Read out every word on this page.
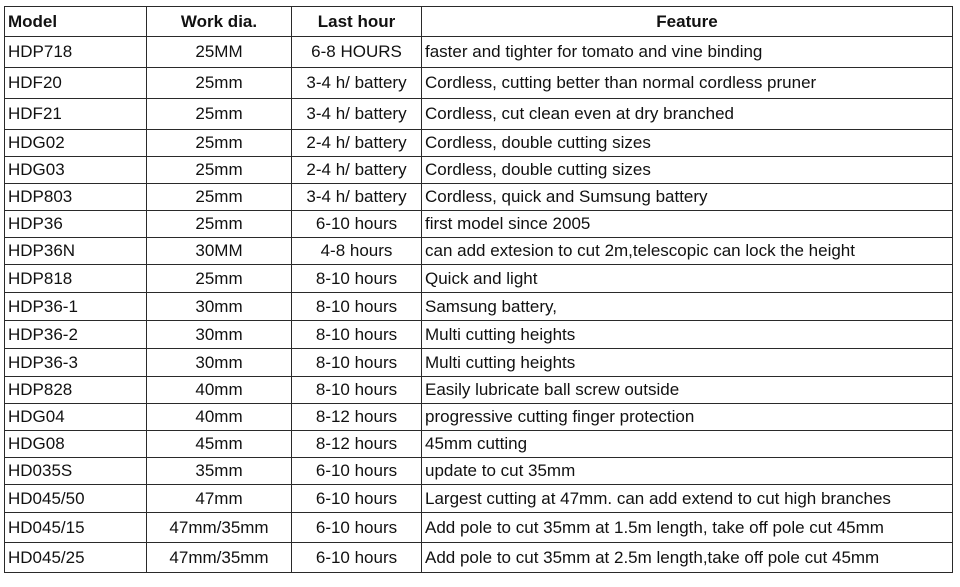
Model	Work dia.	Last hour	Feature
HDP718	25MM	6-8 HOURS	faster and tighter for tomato and vine binding
HDF20	25mm	3-4 h/ battery	Cordless, cutting better than normal cordless pruner
HDF21	25mm	3-4 h/ battery	Cordless, cut clean even at dry branched
HDG02	25mm	2-4 h/ battery	Cordless, double cutting sizes
HDG03	25mm	2-4 h/ battery	Cordless, double cutting sizes
HDP803	25mm	3-4 h/ battery	Cordless, quick and Sumsung battery
HDP36	25mm	6-10 hours	first model since 2005
HDP36N	30MM	4-8 hours	can add extesion to cut 2m,telescopic can lock the height
HDP818	25mm	8-10 hours	Quick and light
HDP36-1	30mm	8-10 hours	Samsung battery,
HDP36-2	30mm	8-10 hours	Multi cutting heights
HDP36-3	30mm	8-10 hours	Multi cutting heights
HDP828	40mm	8-10 hours	Easily lubricate ball screw outside
HDG04	40mm	8-12 hours	progressive cutting finger protection
HDG08	45mm	8-12 hours	45mm cutting
HD035S	35mm	6-10 hours	update to cut 35mm
HD045/50	47mm	6-10 hours	Largest cutting at 47mm. can add extend to cut high branches
HD045/15	47mm/35mm	6-10 hours	Add pole to cut 35mm at 1.5m length, take off pole cut 45mm
HD045/25	47mm/35mm	6-10 hours	Add pole to cut 35mm at 2.5m length,take off pole cut 45mm
